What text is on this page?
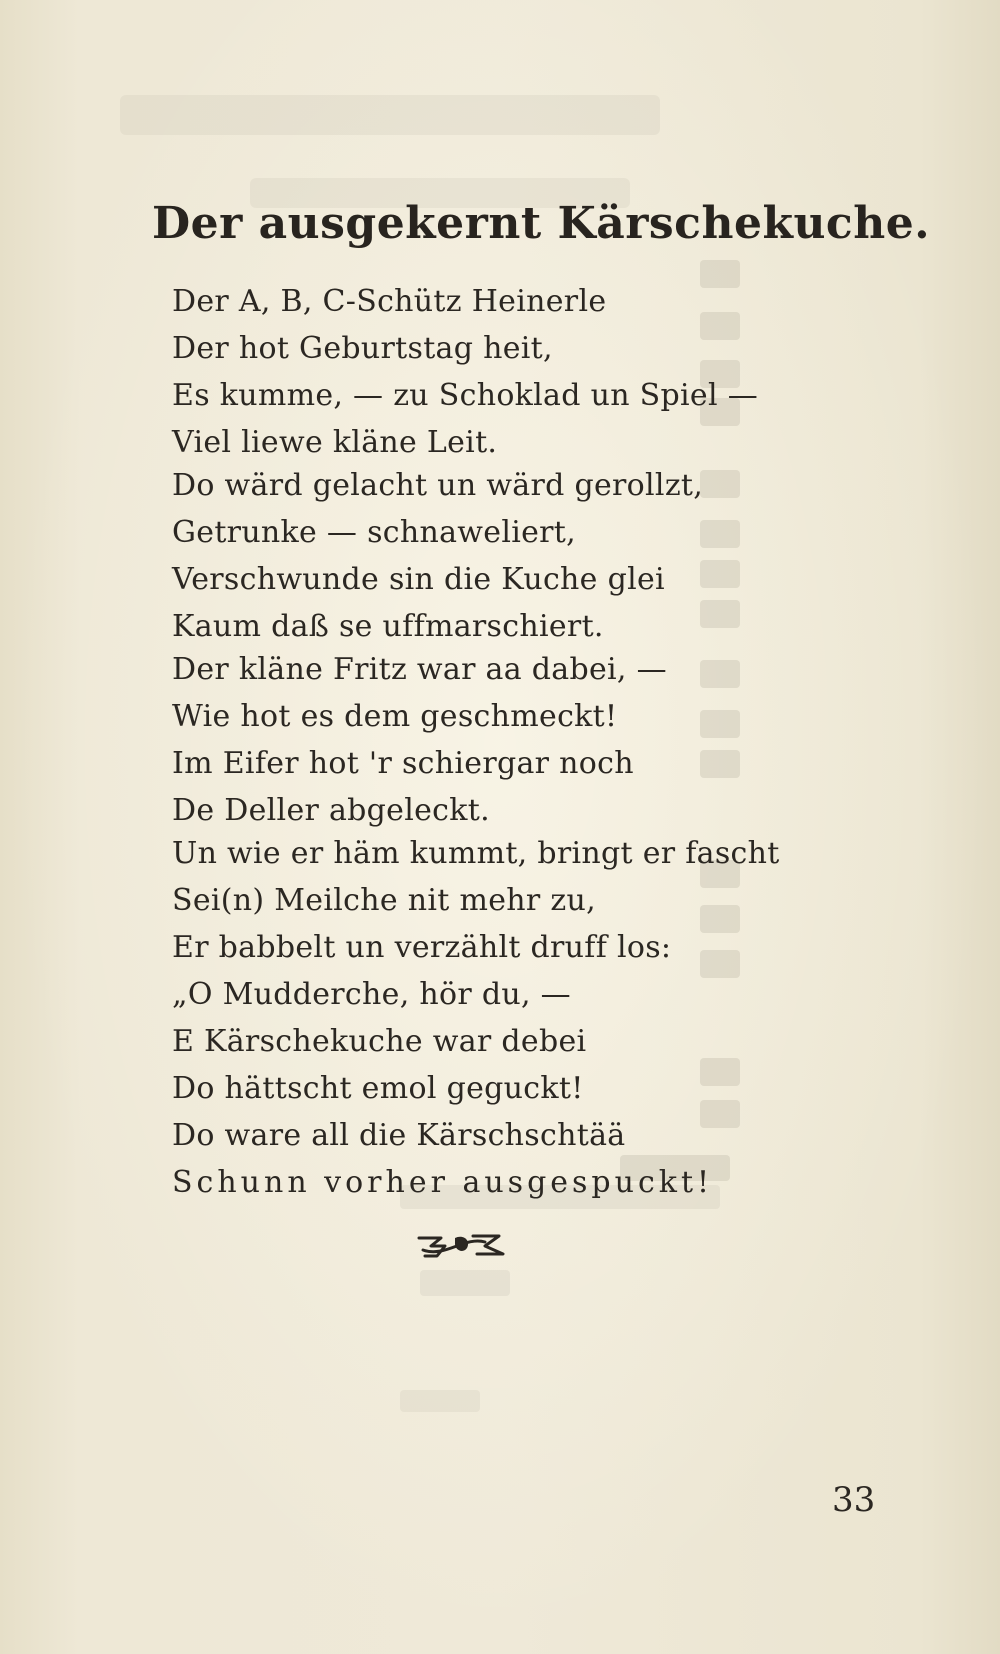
Der ausgekernt Kärschekuche.
Der A, B, C-Schütz Heinerle
Der hot Geburtstag heit,
Es kumme, — zu Schoklad un Spiel —
Viel liewe kläne Leit.
Do wärd gelacht un wärd gerollzt,
Getrunke — schnaweliert,
Verschwunde sin die Kuche glei
Kaum daß se uffmarschiert.
Der kläne Fritz war aa dabei, —
Wie hot es dem geschmeckt!
Im Eifer hot 'r schiergar noch
De Deller abgeleckt.
Un wie er häm kummt, bringt er fascht
Sei(n) Meilche nit mehr zu,
Er babbelt un verzählt druff los:
„O Mudderche, hör du, —
E Kärschekuche war debei
Do hättscht emol geguckt!
Do ware all die Kärschschtää
Schunn vorher ausgespuckt!
33
